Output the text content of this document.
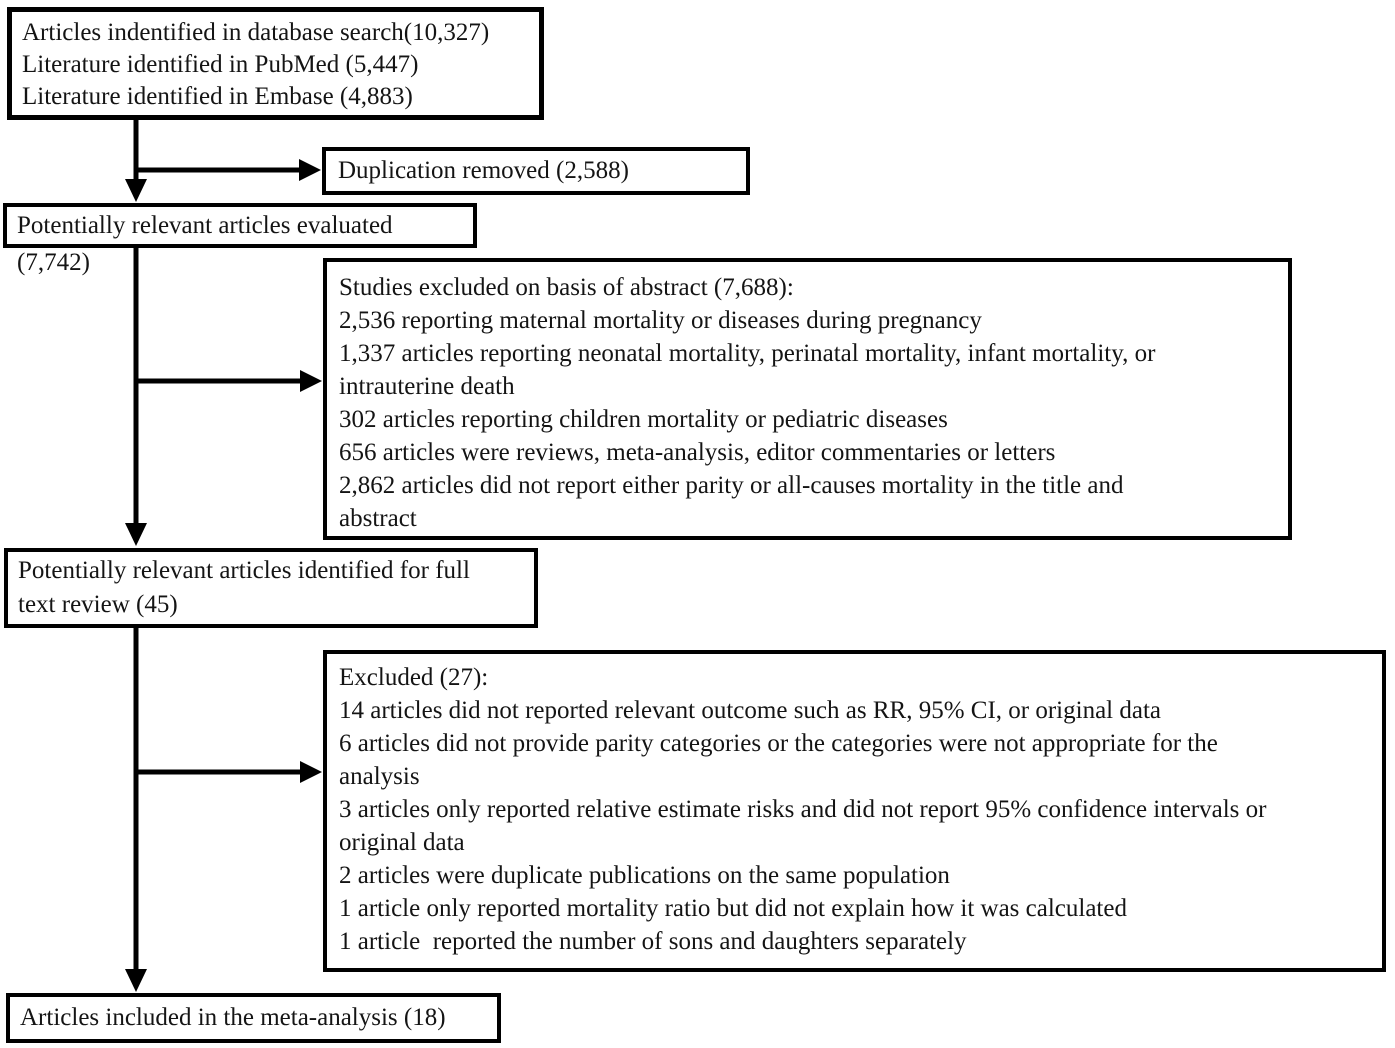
Articles indentified in database search(10,327)
Literature identified in PubMed (5,447)
Literature identified in Embase (4,883)
Duplication removed (2,588)
Potentially relevant articles evaluated (7,742)
Studies excluded on basis of abstract (7,688):
2,536 reporting maternal mortality or diseases during pregnancy
1,337 articles reporting neonatal mortality, perinatal mortality, infant mortality, or
intrauterine death
302 articles reporting children mortality or pediatric diseases
656 articles were reviews, meta-analysis, editor commentaries or letters
2,862 articles did not report either parity or all-causes mortality in the title and
abstract
Potentially relevant articles identified for full
text review (45)
Excluded (27):
14 articles did not reported relevant outcome such as RR, 95% CI, or original data
6 articles did not provide parity categories or the categories were not appropriate for the
analysis
3 articles only reported relative estimate risks and did not report 95% confidence intervals or
original data
2 articles were duplicate publications on the same population
1 article only reported mortality ratio but did not explain how it was calculated
1 article  reported the number of sons and daughters separately
Articles included in the meta-analysis (18)
